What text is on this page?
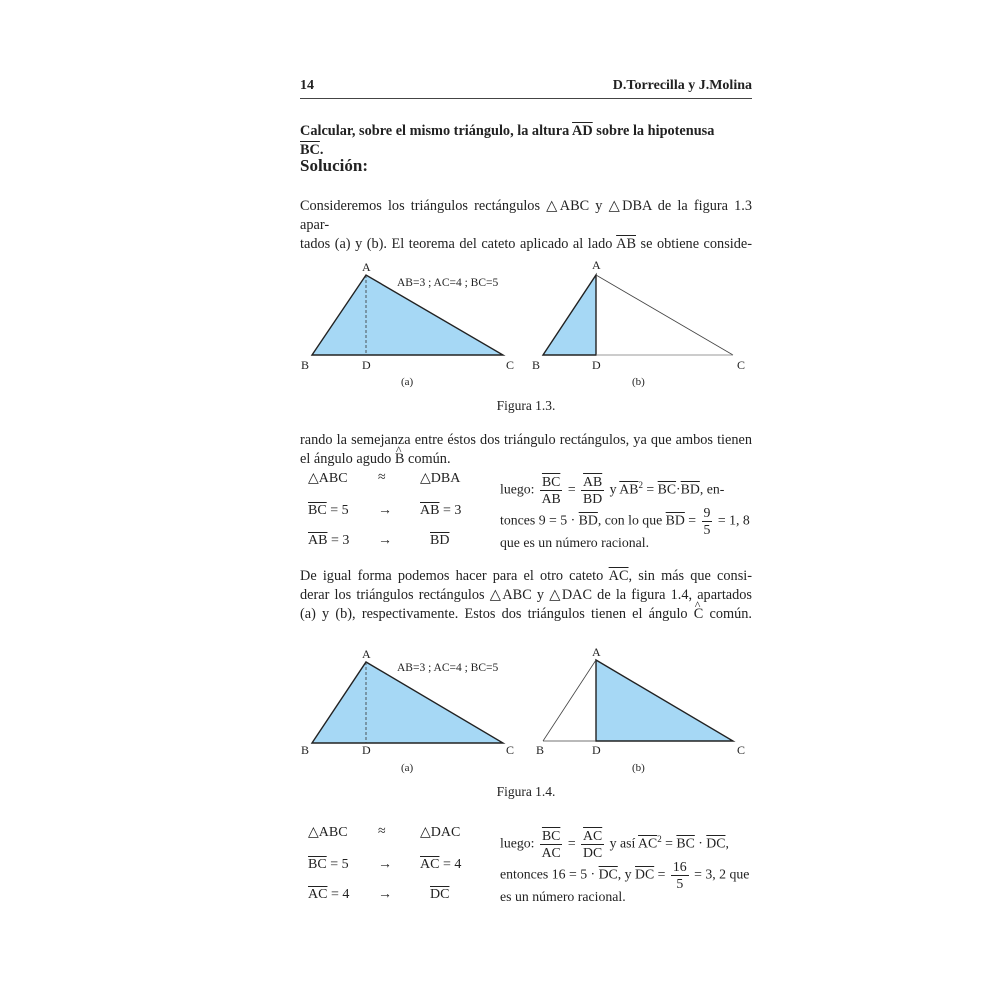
14	D.Torrecilla y J.Molina
Calcular, sobre el mismo triángulo, la altura $\overline{AD}$ sobre la hipotenusa
$\overline{BC}$.
Solución:
Consideremos los triángulos rectángulos △ABC y △DBA de la figura 1.3 apar-
tados (a) y (b). El teorema del cateto aplicado al lado $\overline{AB}$ se obtiene conside-
A
B	C
D
AB=3 ; AC=4 ; BC=5
(a)
A
B	C
D
(b)
Figura 1.3.
rando la semejanza entre éstos dos triángulo rectángulos, ya que ambos tienen
el ángulo agudo ^ B común.
△ABC ≈ △DBA
$\overline{BC} = 5 \to \overline{AB} = 3$
$\overline{AB} = 3$ →	$\overline{BD}$
luego: $\frac{\overline{BC}}{AB} = \frac{\overline{AB}}{BD}$ y $\overline{AB}^2 = \overline{BC}\cdot\overline{BD}$, en-
tonces $9 = 5 \cdot \overline{BD}$, con lo que $\overline{BD} = \frac{9}{5} = 1$, 8
que es un número racional.
De igual forma podemos hacer para el otro cateto $\overline{AC}$, sin más que consi-
derar los triángulos rectángulos △ABC y △DAC de la figura 1.4, apartados
(a) y (b), respectivamente. Estos dos triángulos tienen el ángulo ^ C común.
A
B	C
D
AB=3 ; AC=4 ; BC=5
(a)
A
B	C
D
(b)
Figura 1.4.
△ABC ≈ △DAC
$\overline{BC} = 5 \to \overline{AC} = 4$
$\overline{AC} = 4$ →	$\overline{DC}$
luego: $\frac{\overline{BC}}{AC} = \frac{\overline{AC}}{DC}$ y así $\overline{AC}^2 = \overline{BC} \cdot \overline{DC}$,
entonces $16 = 5 \cdot \overline{DC}$, y $\overline{DC} = \frac{16}{5} = 3$, 2 que
es un número racional.
